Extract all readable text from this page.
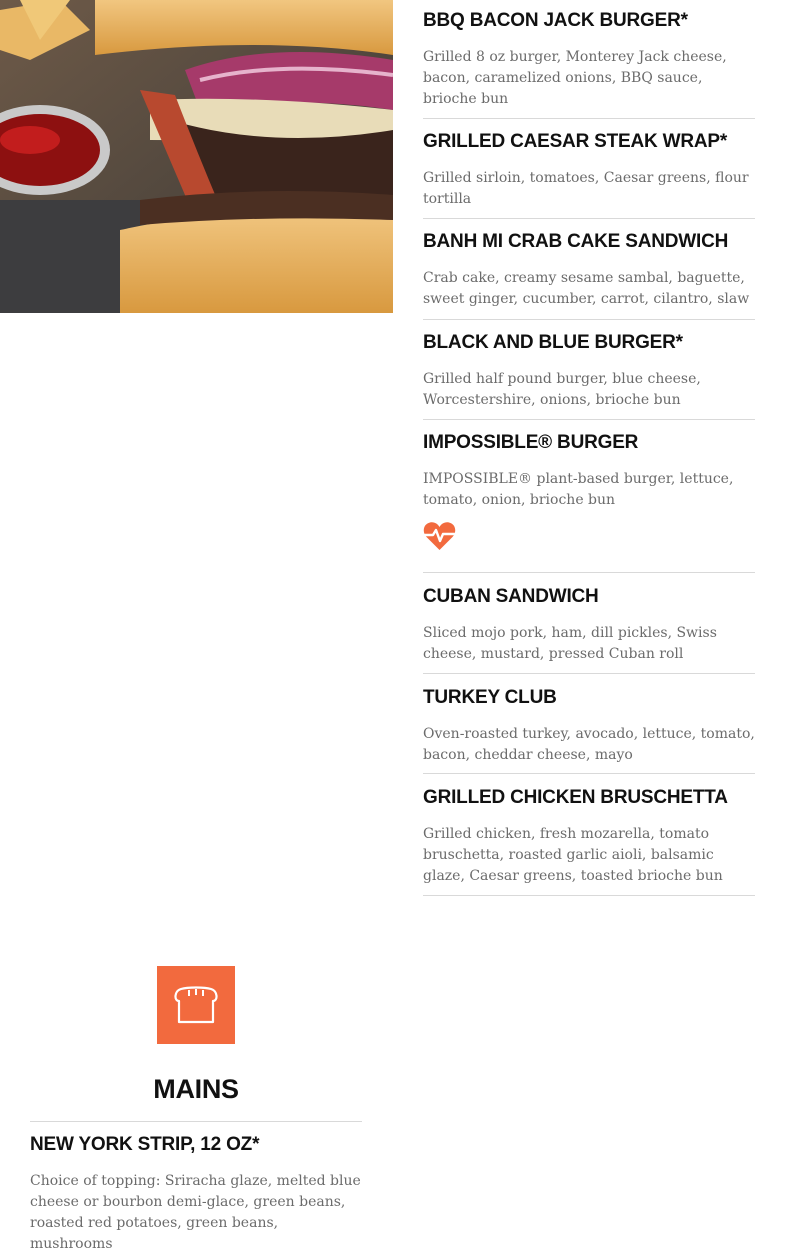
BBQ BACON JACK BURGER*

Grilled 8 oz burger, Monterey Jack cheese, bacon, caramelized onions, BBQ sauce, brioche bun

GRILLED CAESAR STEAK WRAP*

Grilled sirloin, tomatoes, Caesar greens, flour tortilla

BANH MI CRAB CAKE SANDWICH

Crab cake, creamy sesame sambal, baguette, sweet ginger, cucumber, carrot, cilantro, slaw

BLACK AND BLUE BURGER*

Grilled half pound burger, blue cheese, Worcestershire, onions, brioche bun

IMPOSSIBLE® BURGER

IMPOSSIBLE® plant-based burger, lettuce, tomato, onion, brioche bun

CUBAN SANDWICH

Sliced mojo pork, ham, dill pickles, Swiss cheese, mustard, pressed Cuban roll

TURKEY CLUB

Oven-roasted turkey, avocado, lettuce, tomato, bacon, cheddar cheese, mayo

GRILLED CHICKEN BRUSCHETTA

Grilled chicken, fresh mozarella, tomato bruschetta, roasted garlic aioli, balsamic glaze, Caesar greens, toasted brioche bun

MAINS
NEW YORK STRIP, 12 OZ*

Choice of topping: Sriracha glaze, melted blue cheese or bourbon demi-glace, green beans, roasted red potatoes, green beans, mushrooms
